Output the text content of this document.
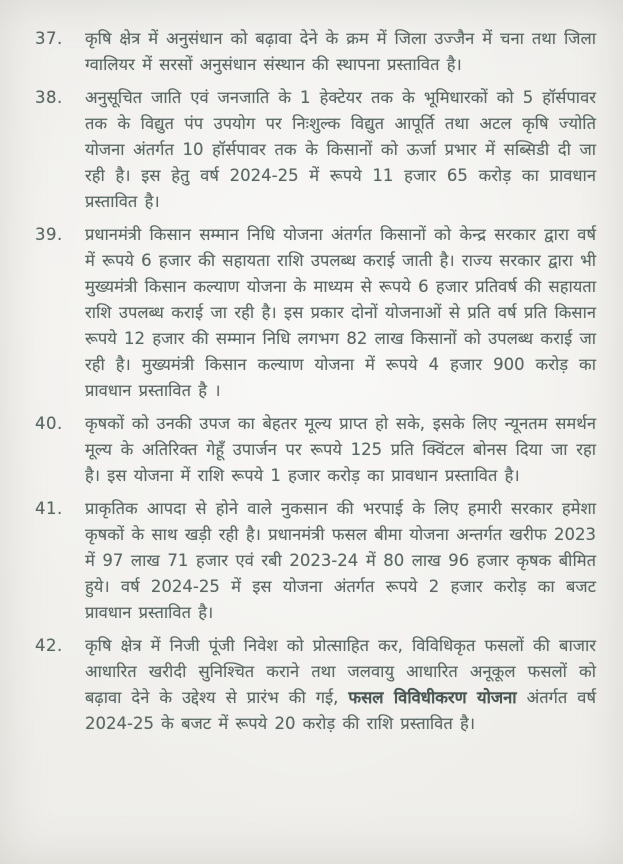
37.	कृषि क्षेत्र में अनुसंधान को बढ़ावा देने के क्रम में जिला उज्जैन में चना तथा जिला ग्वालियर में सरसों अनुसंधान संस्थान की स्थापना प्रस्तावित है।
38.	अनुसूचित जाति एवं जनजाति के 1 हेक्टेयर तक के भूमिधारकों को 5 हॉर्सपावर तक के विद्युत पंप उपयोग पर निःशुल्क विद्युत आपूर्ति तथा अटल कृषि ज्योति योजना अंतर्गत 10 हॉर्सपावर तक के किसानों को ऊर्जा प्रभार में सब्सिडी दी जा रही है। इस हेतु वर्ष 2024-25 में रूपये 11 हजार 65 करोड़ का प्रावधान प्रस्तावित है।
39.	प्रधानमंत्री किसान सम्मान निधि योजना अंतर्गत किसानों को केन्द्र सरकार द्वारा वर्ष में रूपये 6 हजार की सहायता राशि उपलब्ध कराई जाती है। राज्य सरकार द्वारा भी मुख्यमंत्री किसान कल्याण योजना के माध्यम से रूपये 6 हजार प्रतिवर्ष की सहायता राशि उपलब्ध कराई जा रही है। इस प्रकार दोनों योजनाओं से प्रति वर्ष प्रति किसान रूपये 12 हजार की सम्मान निधि लगभग 82 लाख किसानों को उपलब्ध कराई जा रही है। मुख्यमंत्री किसान कल्याण योजना में रूपये 4 हजार 900 करोड़ का प्रावधान प्रस्तावित है ।
40.	कृषकों को उनकी उपज का बेहतर मूल्य प्राप्त हो सके, इसके लिए न्यूनतम समर्थन मूल्य के अतिरिक्त गेहूँ उपार्जन पर रूपये 125 प्रति क्विंटल बोनस दिया जा रहा है। इस योजना में राशि रूपये 1 हजार करोड़ का प्रावधान प्रस्तावित है।
41.	प्राकृतिक आपदा से होने वाले नुकसान की भरपाई के लिए हमारी सरकार हमेशा कृषकों के साथ खड़ी रही है। प्रधानमंत्री फसल बीमा योजना अन्तर्गत खरीफ 2023 में 97 लाख 71 हजार एवं रबी 2023-24 में 80 लाख 96 हजार कृषक बीमित हुये। वर्ष 2024-25 में इस योजना अंतर्गत रूपये 2 हजार करोड़ का बजट प्रावधान प्रस्तावित है।
42.	कृषि क्षेत्र में निजी पूंजी निवेश को प्रोत्साहित कर, विविधिकृत फसलों की बाजार आधारित खरीदी सुनिश्चित कराने तथा जलवायु आधारित अनूकूल फसलों को बढ़ावा देने के उद्देश्य से प्रारंभ की गई, फसल विविधीकरण योजना अंतर्गत वर्ष 2024-25 के बजट में रूपये 20 करोड़ की राशि प्रस्तावित है।
